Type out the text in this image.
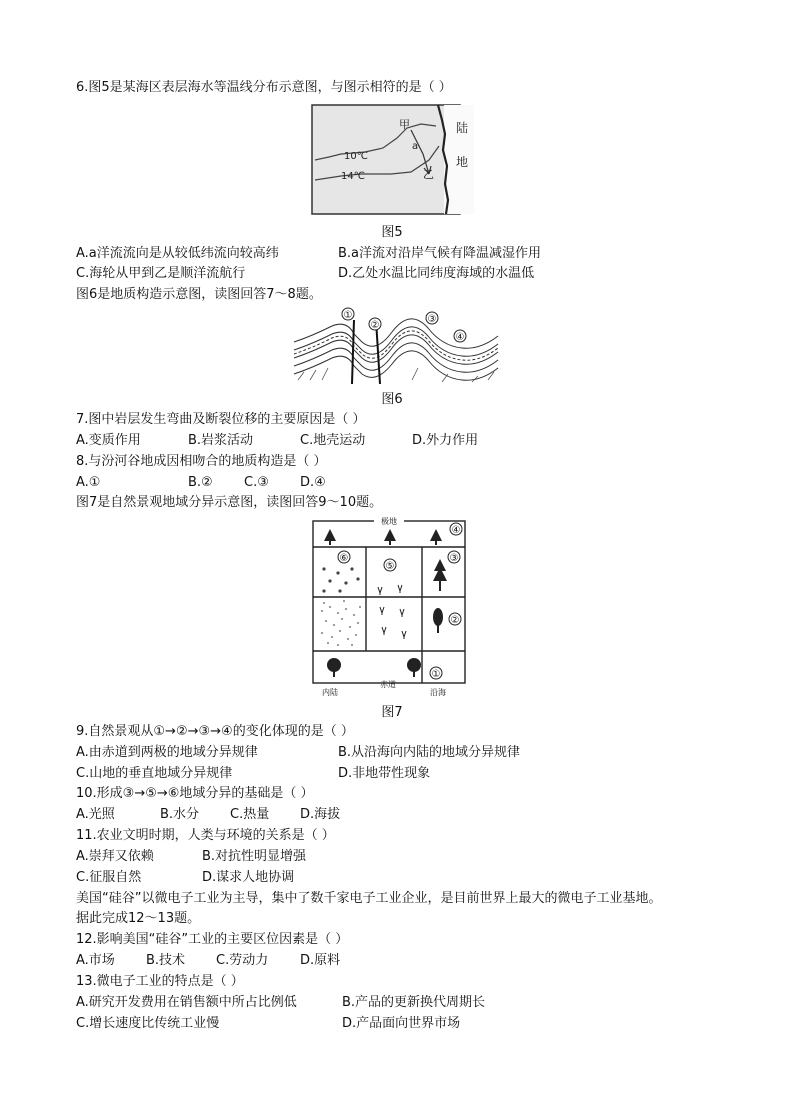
6.图5是某海区表层海水等温线分布示意图，与图示相符的是（ ）
甲
a
10℃
14℃	乙
陆
地
图5
A.a洋流流向是从较低纬流向较高纬	B.a洋流对沿岸气候有降温减湿作用
C.海轮从甲到乙是顺洋流航行	D.乙处水温比同纬度海域的水温低
图6是地质构造示意图，读图回答7～8题。
①
②
③
④
图6
7.图中岩层发生弯曲及断裂位移的主要原因是（ ）
A.变质作用	B.岩浆活动	C.地壳运动	D.外力作用
8.与汾河谷地成因相吻合的地质构造是（ ）
A.①	B.② C.③ D.④
图7是自然景观地域分异示意图，读图回答9～10题。
极地
④
⑥
⑤
③
②
①
内陆
赤道
沿海
图7
9.自然景观从①→②→③→④的变化体现的是（ ）
A.由赤道到两极的地域分异规律	B.从沿海向内陆的地域分异规律
C.山地的垂直地域分异规律	D.非地带性现象
10.形成③→⑤→⑥地域分异的基础是（ ）
A.光照	B.水分 C.热量 D.海拔
11.农业文明时期，人类与环境的关系是（ ）
A.崇拜又依赖	B.对抗性明显增强
C.征服自然	D.谋求人地协调
美国“硅谷”以微电子工业为主导，集中了数千家电子工业企业，是目前世界上最大的微电子工业基地。
据此完成12～13题。
12.影响美国“硅谷”工业的主要区位因素是（ ）
A.市场 B.技术 C.劳动力 D.原料
13.微电子工业的特点是（ ）
A.研究开发费用在销售额中所占比例低	B.产品的更新换代周期长
C.增长速度比传统工业慢	D.产品面向世界市场
